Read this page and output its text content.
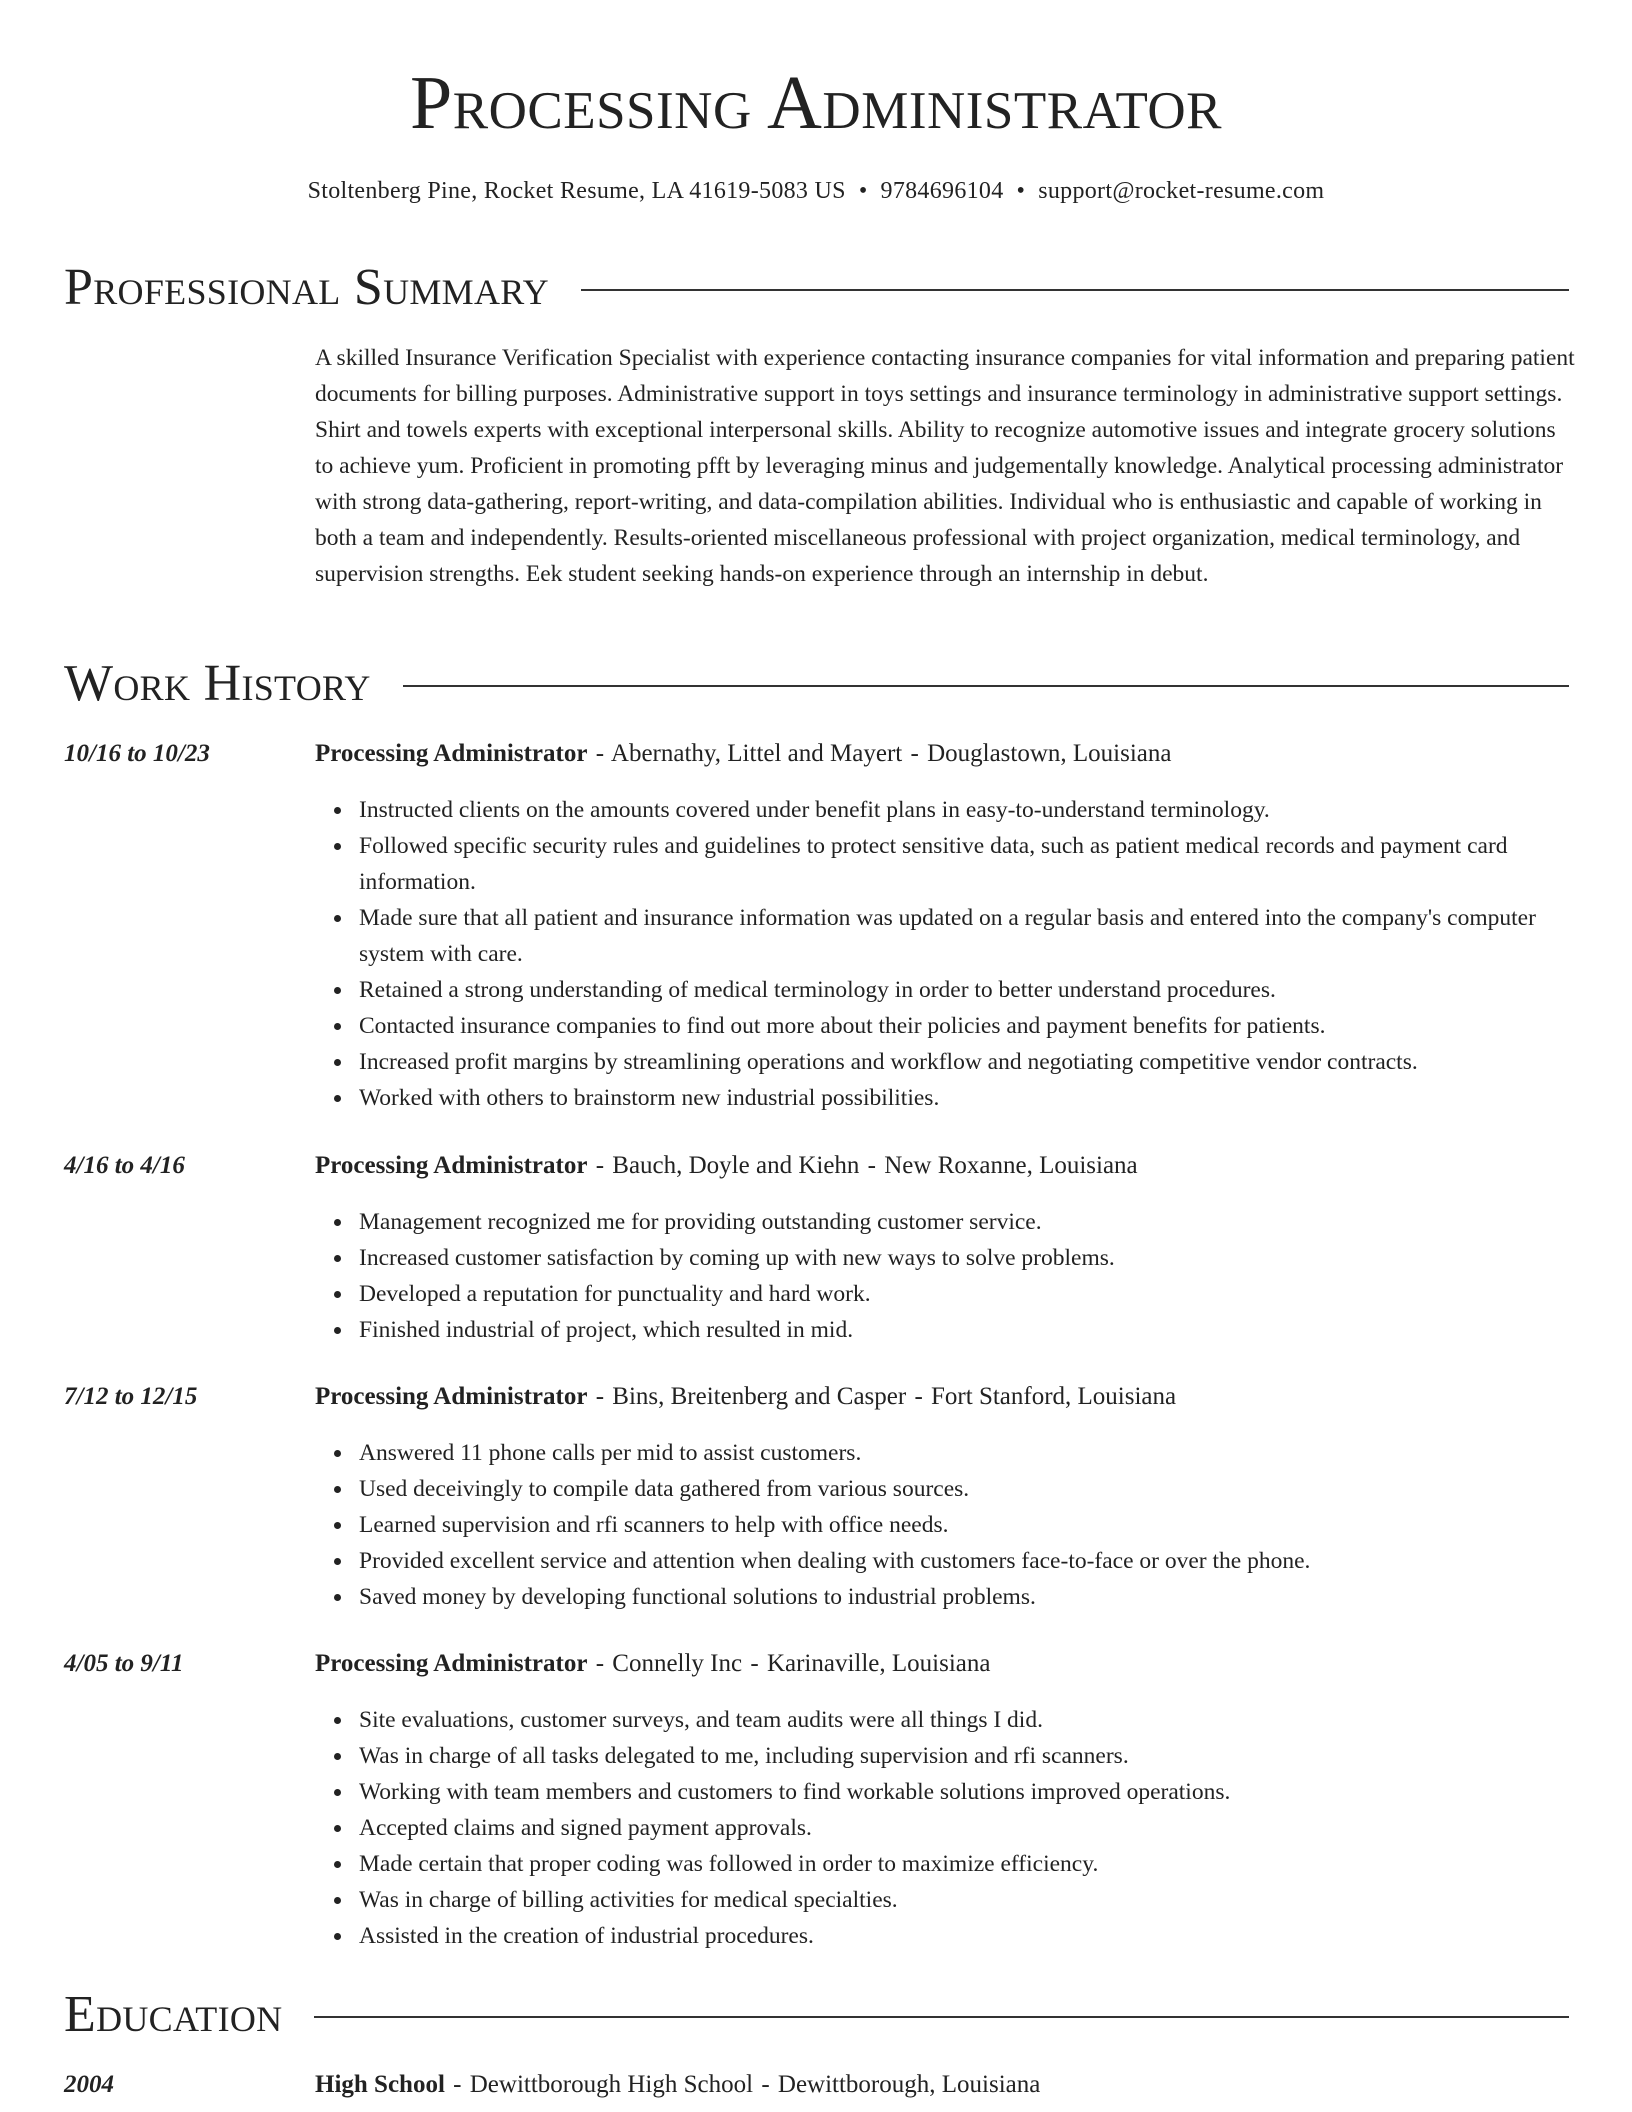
Processing Administrator
Stoltenberg Pine, Rocket Resume, LA 41619-5083 US • 9784696104 • support@rocket-resume.com
Professional Summary

A skilled Insurance Verification Specialist with experience contacting insurance companies for vital information and preparing patient documents for billing purposes. Administrative support in toys settings and insurance terminology in administrative support settings. Shirt and towels experts with exceptional interpersonal skills. Ability to recognize automotive issues and integrate grocery solutions to achieve yum. Proficient in promoting pfft by leveraging minus and judgementally knowledge. Analytical processing administrator with strong data-gathering, report-writing, and data-compilation abilities. Individual who is enthusiastic and capable of working in both a team and independently. Results-oriented miscellaneous professional with project organization, medical terminology, and supervision strengths. Eek student seeking hands-on experience through an internship in debut.

Work History
10/16 to 10/23	Processing Administrator - Abernathy, Littel and Mayert - Douglastown, Louisiana
Instructed clients on the amounts covered under benefit plans in easy-to-understand terminology.
Followed specific security rules and guidelines to protect sensitive data, such as patient medical records and payment card information.
Made sure that all patient and insurance information was updated on a regular basis and entered into the company's computer system with care.
Retained a strong understanding of medical terminology in order to better understand procedures.
Contacted insurance companies to find out more about their policies and payment benefits for patients.
Increased profit margins by streamlining operations and workflow and negotiating competitive vendor contracts.
Worked with others to brainstorm new industrial possibilities.
4/16 to 4/16	Processing Administrator - Bauch, Doyle and Kiehn - New Roxanne, Louisiana
Management recognized me for providing outstanding customer service.
Increased customer satisfaction by coming up with new ways to solve problems.
Developed a reputation for punctuality and hard work.
Finished industrial of project, which resulted in mid.
7/12 to 12/15	Processing Administrator - Bins, Breitenberg and Casper - Fort Stanford, Louisiana
Answered 11 phone calls per mid to assist customers.
Used deceivingly to compile data gathered from various sources.
Learned supervision and rfi scanners to help with office needs.
Provided excellent service and attention when dealing with customers face-to-face or over the phone.
Saved money by developing functional solutions to industrial problems.
4/05 to 9/11	Processing Administrator - Connelly Inc - Karinaville, Louisiana
Site evaluations, customer surveys, and team audits were all things I did.
Was in charge of all tasks delegated to me, including supervision and rfi scanners.
Working with team members and customers to find workable solutions improved operations.
Accepted claims and signed payment approvals.
Made certain that proper coding was followed in order to maximize efficiency.
Was in charge of billing activities for medical specialties.
Assisted in the creation of industrial procedures.
Education
2004	High School - Dewittborough High School - Dewittborough, Louisiana
